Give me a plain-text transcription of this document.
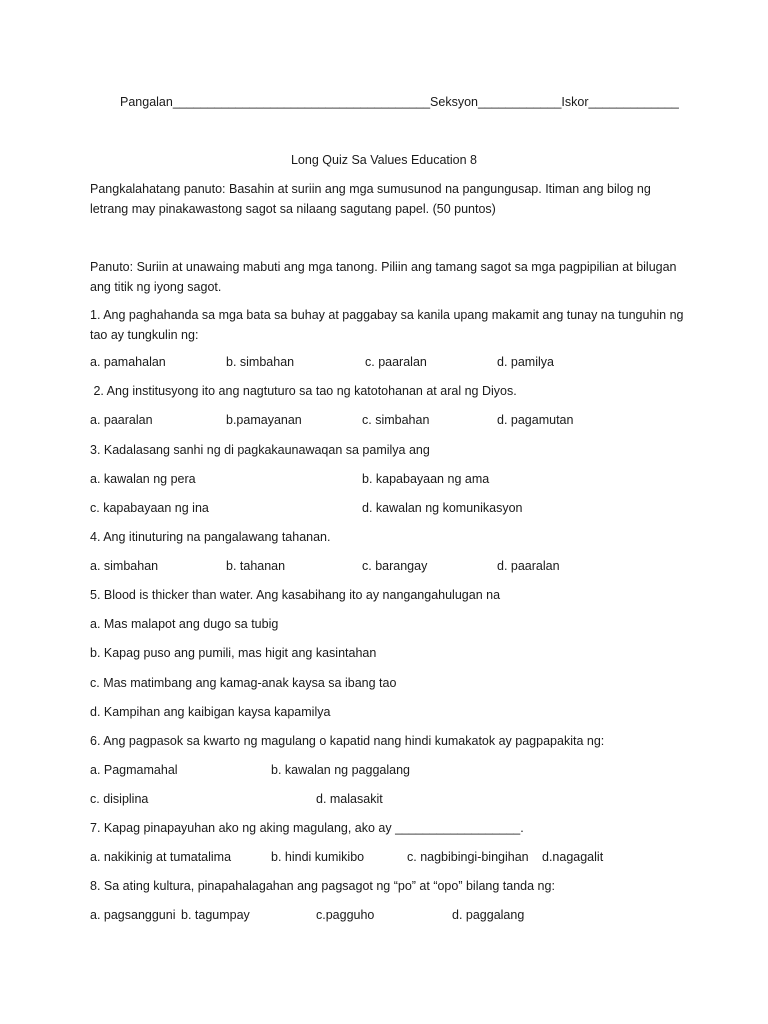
Pangalan_____________________________________Seksyon____________Iskor_____________
Long Quiz Sa Values Education 8
Pangkalahatang panuto: Basahin at suriin ang mga sumusunod na pangungusap. Itiman ang bilog ng letrang may pinakawastong sagot sa nilaang sagutang papel. (50 puntos)
Panuto: Suriin at unawaing mabuti ang mga tanong. Piliin ang tamang sagot sa mga pagpipilian at bilugan ang titik ng iyong sagot.
1. Ang paghahanda sa mga bata sa buhay at paggabay sa kanila upang makamit ang tunay na tunguhin ng tao ay tungkulin ng:
a. pamahalan	b. simbahan	c. paaralan	d. pamilya
2. Ang institusyong ito ang nagtuturo sa tao ng katotohanan at aral ng Diyos.
a. paaralan	b.pamayanan	c. simbahan	d. pagamutan
3. Kadalasang sanhi ng di pagkakaunawaqan sa pamilya ang
a. kawalan ng pera	b. kapabayaan ng ama
c. kapabayaan ng ina	d. kawalan ng komunikasyon
4. Ang itinuturing na pangalawang tahanan.
a. simbahan	b. tahanan	c. barangay	d. paaralan
5. Blood is thicker than water. Ang kasabihang ito ay nangangahulugan na
a. Mas malapot ang dugo sa tubig
b. Kapag puso ang pumili, mas higit ang kasintahan
c. Mas matimbang ang kamag-anak kaysa sa ibang tao
d. Kampihan ang kaibigan kaysa kapamilya
6. Ang pagpasok sa kwarto ng magulang o kapatid nang hindi kumakatok ay pagpapakita ng:
a. Pagmamahal	b. kawalan ng paggalang
c. disiplina	d. malasakit
7. Kapag pinapayuhan ako ng aking magulang, ako ay __________________.
a. nakikinig at tumatalima	b. hindi kumikibo	c. nagbibingi-bingihan d.nagagalit
8. Sa ating kultura, pinapahalagahan ang pagsagot ng “po” at “opo” bilang tanda ng:
a. pagsangguni b. tagumpay	c.pagguho	d. paggalang
